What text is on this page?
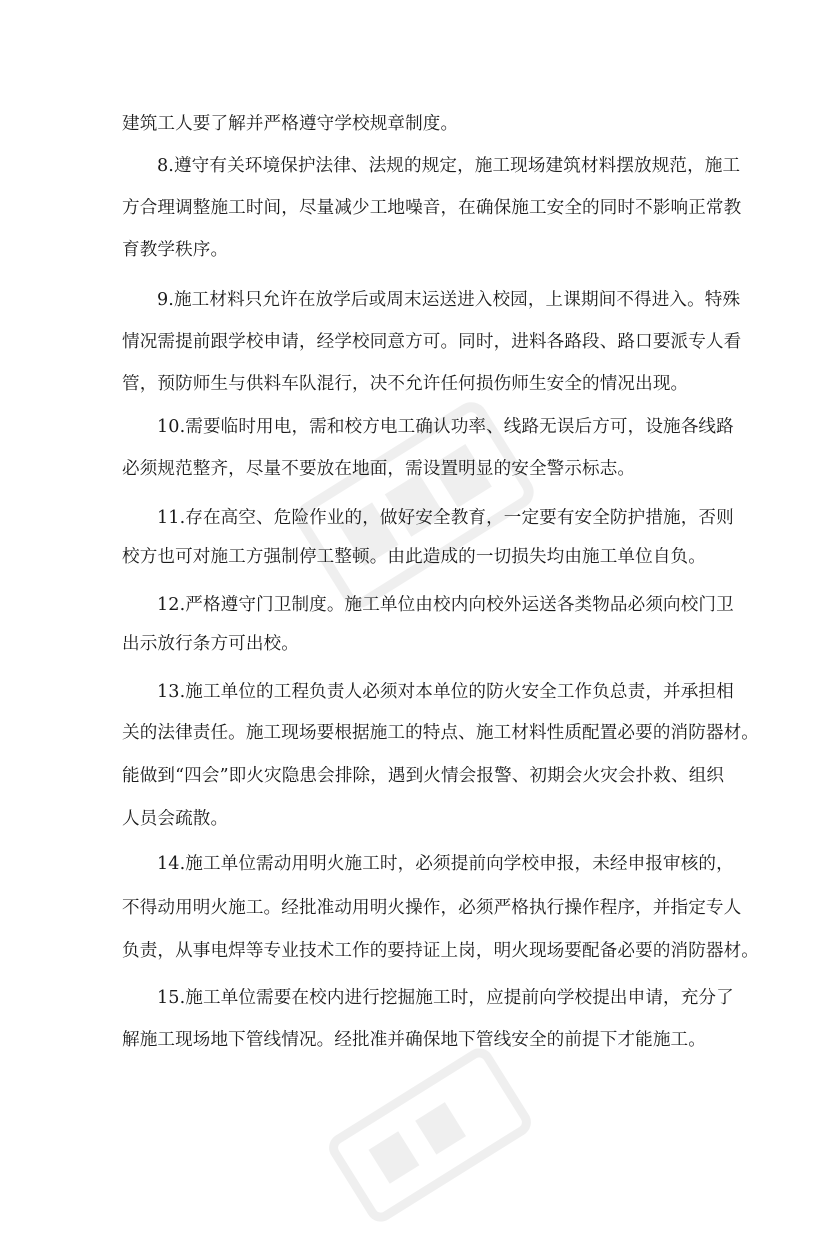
建筑工人要了解并严格遵守学校规章制度。
8.遵守有关环境保护法律、法规的规定，施工现场建筑材料摆放规范，施工
方合理调整施工时间，尽量减少工地噪音，在确保施工安全的同时不影响正常教
育教学秩序。
9.施工材料只允许在放学后或周末运送进入校园，上课期间不得进入。特殊
情况需提前跟学校申请，经学校同意方可。同时，进料各路段、路口要派专人看
管，预防师生与供料车队混行，决不允许任何损伤师生安全的情况出现。
10.需要临时用电，需和校方电工确认功率、线路无误后方可，设施各线路
必须规范整齐，尽量不要放在地面，需设置明显的安全警示标志。
11.存在高空、危险作业的，做好安全教育，一定要有安全防护措施，否则
校方也可对施工方强制停工整顿。由此造成的一切损失均由施工单位自负。
12.严格遵守门卫制度。施工单位由校内向校外运送各类物品必须向校门卫
出示放行条方可出校。
13.施工单位的工程负责人必须对本单位的防火安全工作负总责，并承担相
关的法律责任。施工现场要根据施工的特点、施工材料性质配置必要的消防器材。
能做到“四会”即火灾隐患会排除，遇到火情会报警、初期会火灾会扑救、组织
人员会疏散。
14.施工单位需动用明火施工时，必须提前向学校申报，未经申报审核的，
不得动用明火施工。经批准动用明火操作，必须严格执行操作程序，并指定专人
负责，从事电焊等专业技术工作的要持证上岗，明火现场要配备必要的消防器材。
15.施工单位需要在校内进行挖掘施工时，应提前向学校提出申请，充分了
解施工现场地下管线情况。经批准并确保地下管线安全的前提下才能施工。
